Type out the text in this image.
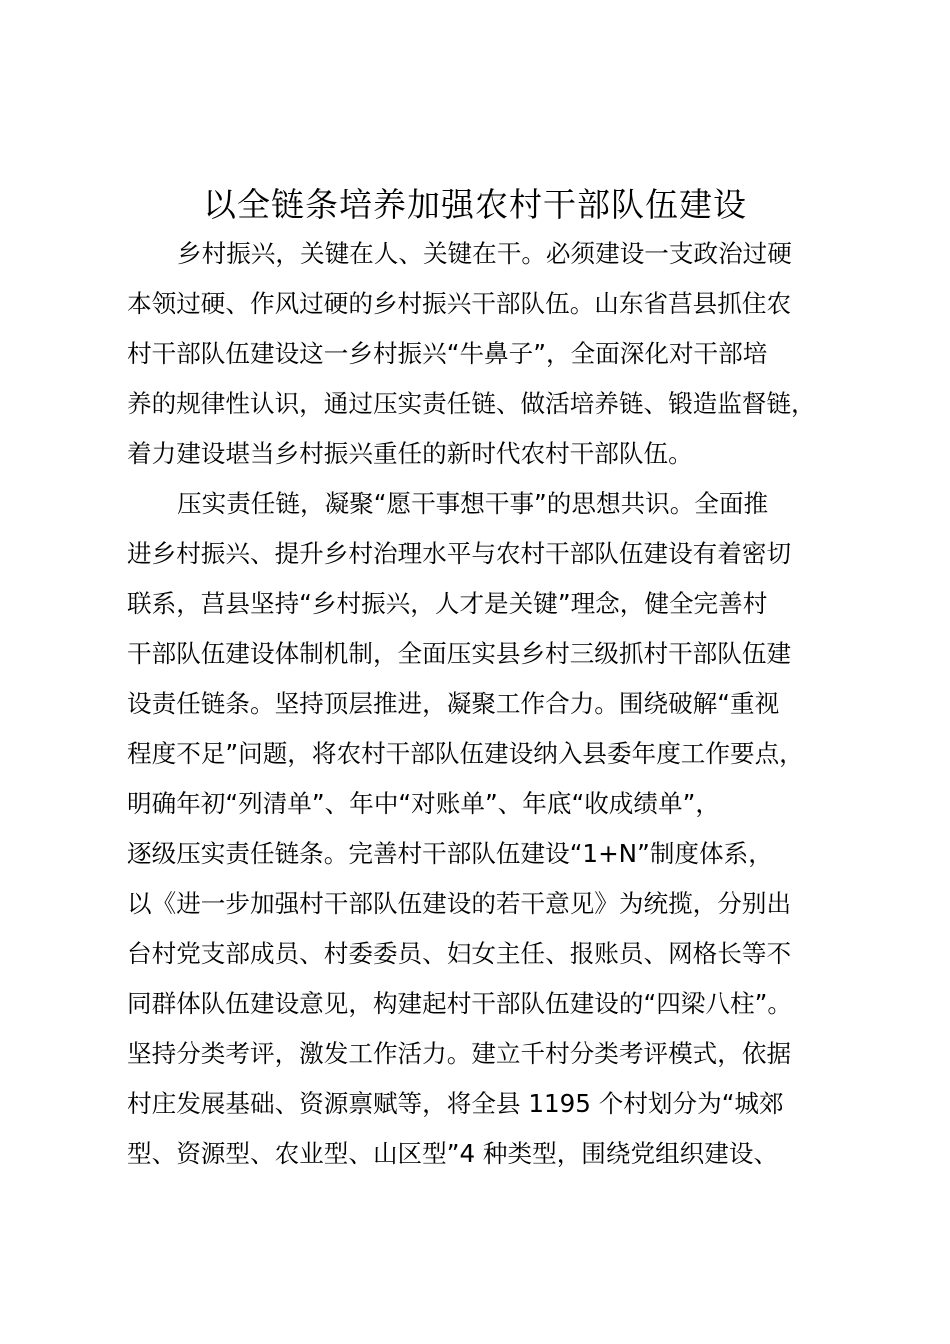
以全链条培养加强农村干部队伍建设
乡村振兴，关键在人、关键在干。必须建设一支政治过硬
本领过硬、作风过硬的乡村振兴干部队伍。山东省莒县抓住农
村干部队伍建设这一乡村振兴“牛鼻子”，全面深化对干部培
养的规律性认识，通过压实责任链、做活培养链、锻造监督链，
着力建设堪当乡村振兴重任的新时代农村干部队伍。
压实责任链，凝聚“愿干事想干事”的思想共识。全面推
进乡村振兴、提升乡村治理水平与农村干部队伍建设有着密切
联系，莒县坚持“乡村振兴，人才是关键”理念，健全完善村
干部队伍建设体制机制，全面压实县乡村三级抓村干部队伍建
设责任链条。坚持顶层推进，凝聚工作合力。围绕破解“重视
程度不足”问题，将农村干部队伍建设纳入县委年度工作要点，
明确年初“列清单”、年中“对账单”、年底“收成绩单”，
逐级压实责任链条。完善村干部队伍建设“1+N”制度体系，
以《进一步加强村干部队伍建设的若干意见》为统揽，分别出
台村党支部成员、村委委员、妇女主任、报账员、网格长等不
同群体队伍建设意见，构建起村干部队伍建设的“四梁八柱”。
坚持分类考评，激发工作活力。建立千村分类考评模式，依据
村庄发展基础、资源禀赋等，将全县 1195 个村划分为“城郊
型、资源型、农业型、山区型”4 种类型，围绕党组织建设、
